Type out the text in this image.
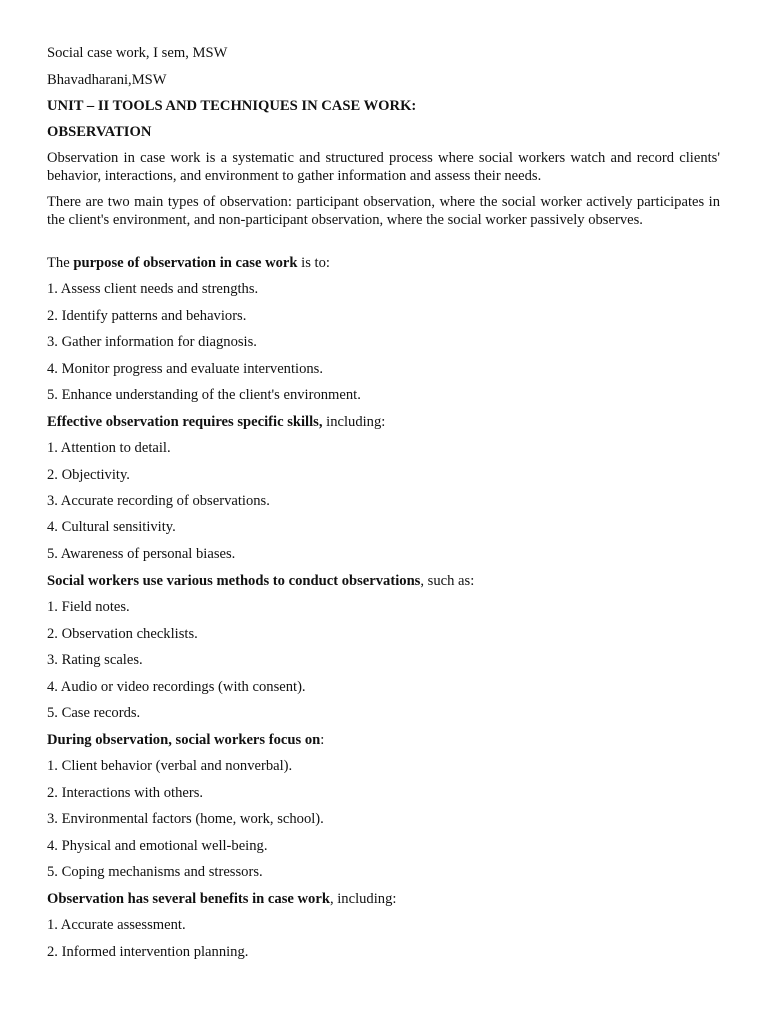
Social case work, I sem, MSW

Bhavadharani,MSW

UNIT – II TOOLS AND TECHNIQUES IN CASE WORK:

OBSERVATION

Observation in case work is a systematic and structured process where social workers watch and record clients' behavior, interactions, and environment to gather information and assess their needs.

There are two main types of observation: participant observation, where the social worker actively participates in the client's environment, and non-participant observation, where the social worker passively observes.

The purpose of observation in case work is to:

1. Assess client needs and strengths.

2. Identify patterns and behaviors.

3. Gather information for diagnosis.

4. Monitor progress and evaluate interventions.

5. Enhance understanding of the client's environment.

Effective observation requires specific skills, including:

1. Attention to detail.

2. Objectivity.

3. Accurate recording of observations.

4. Cultural sensitivity.

5. Awareness of personal biases.

Social workers use various methods to conduct observations, such as:

1. Field notes.

2. Observation checklists.

3. Rating scales.

4. Audio or video recordings (with consent).

5. Case records.

During observation, social workers focus on:

1. Client behavior (verbal and nonverbal).

2. Interactions with others.

3. Environmental factors (home, work, school).

4. Physical and emotional well-being.

5. Coping mechanisms and stressors.

Observation has several benefits in case work, including:

1. Accurate assessment.

2. Informed intervention planning.
